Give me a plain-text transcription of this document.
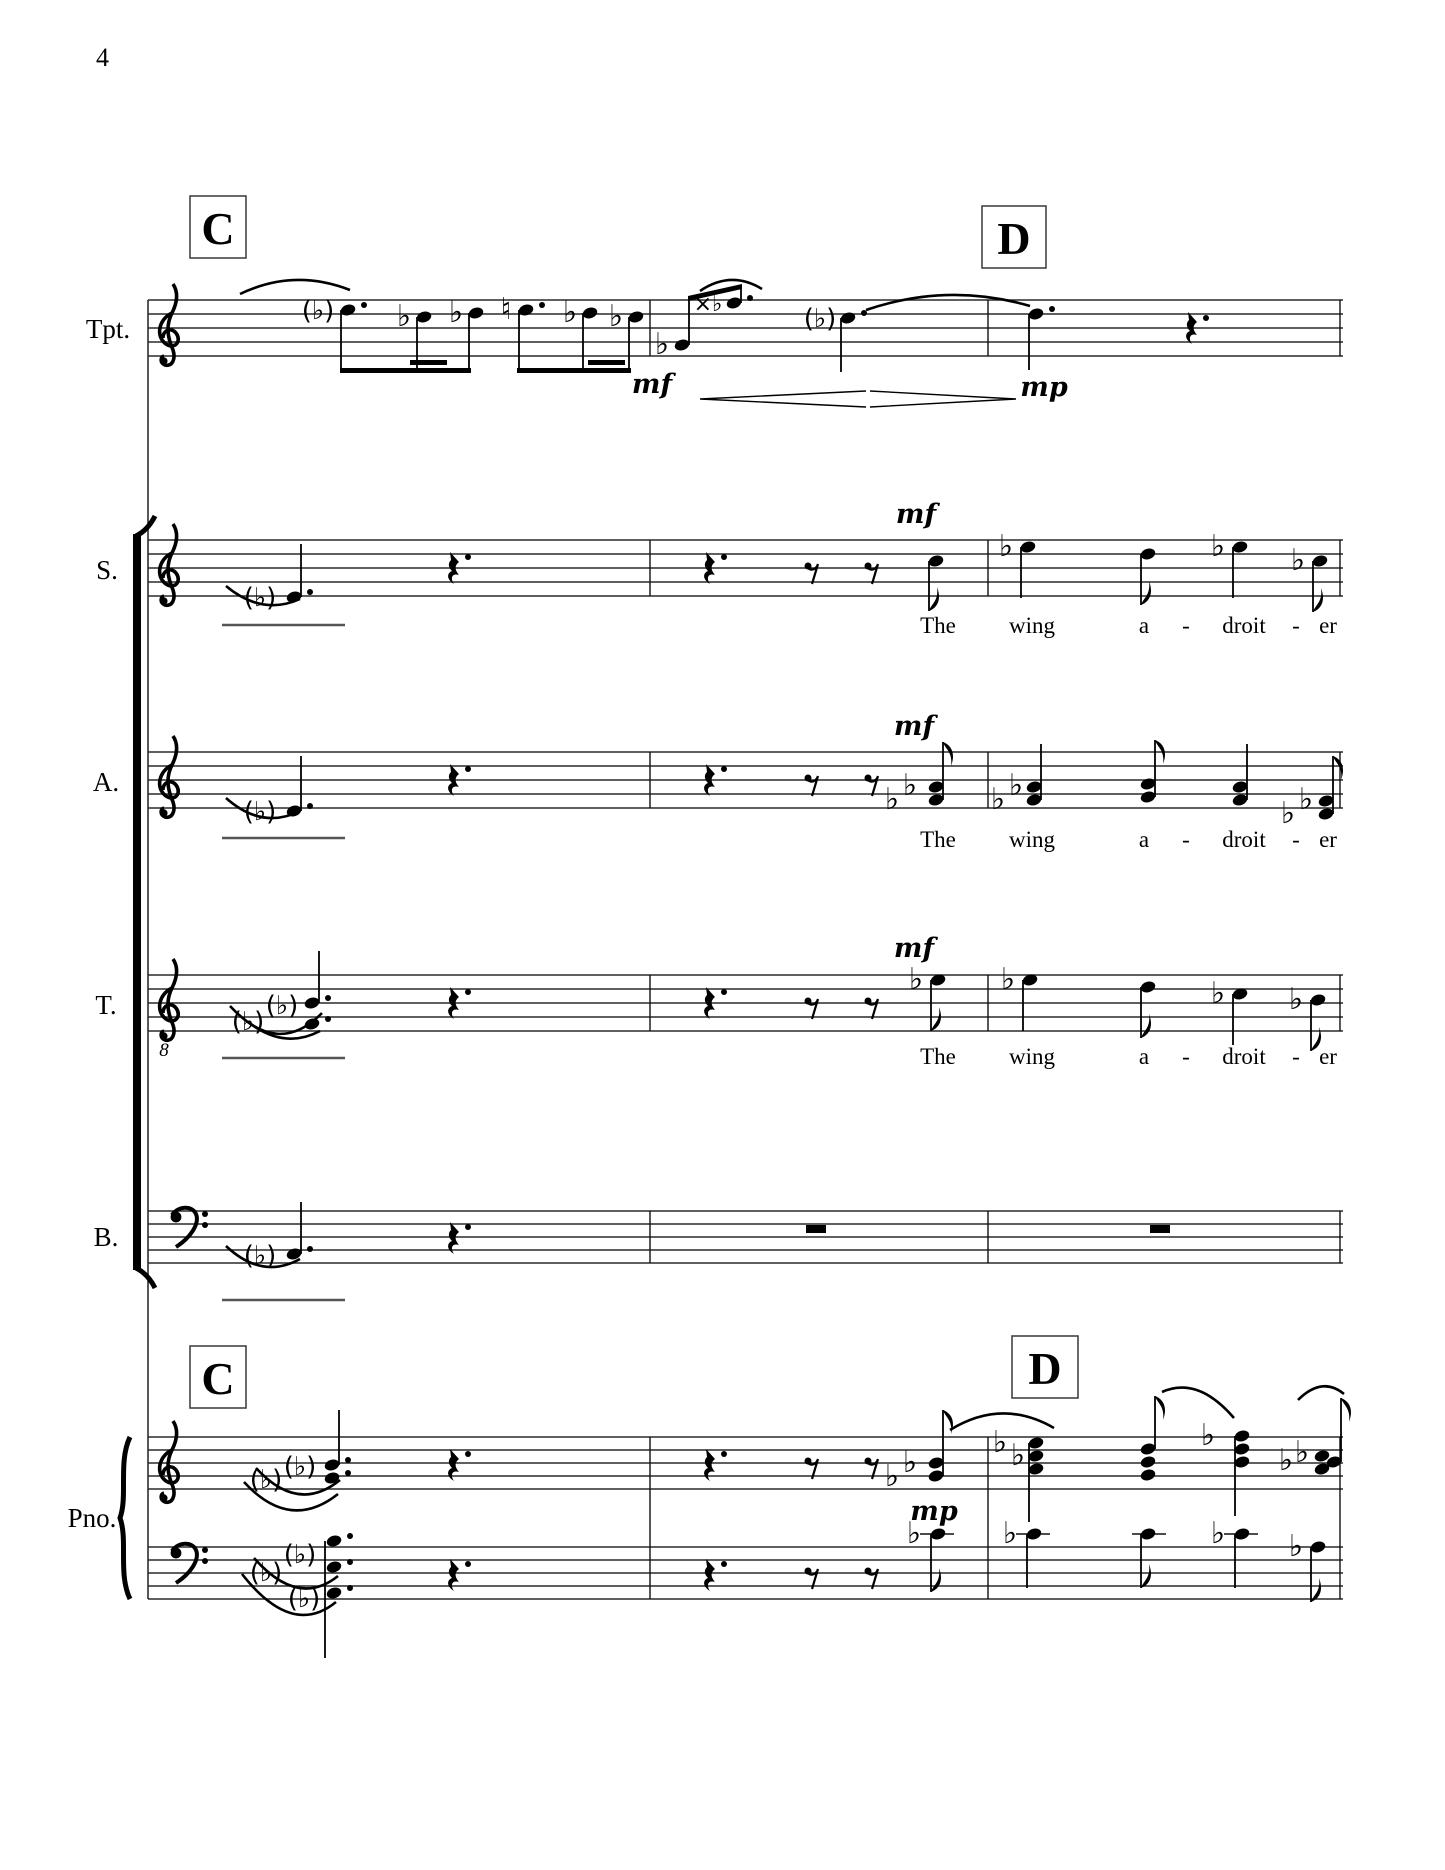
4
Tpt.
C	D
(♭) ♭ ♭ ♮ ♭ ♭
♭
×♭	(♭)
mf	mp
S.
(♭)
mf
♭	♭ ♭
The wing	a - droit - er
A.
(♭)
mf
♭ ♭ ♭ ♭
♭ ♭
The wing	a - droit - er
T.
8
(♭)
(♭)
mf
♭	♭	♭ ♭
The wing	a - droit - er
B.
(♭)
Pno.
C	D
(♭) (♭)	♭ ♭
mp
♭ ♭
♭
♭ ♭
(♭)
(♭)
(♭)
♭	♭	♭ ♭
